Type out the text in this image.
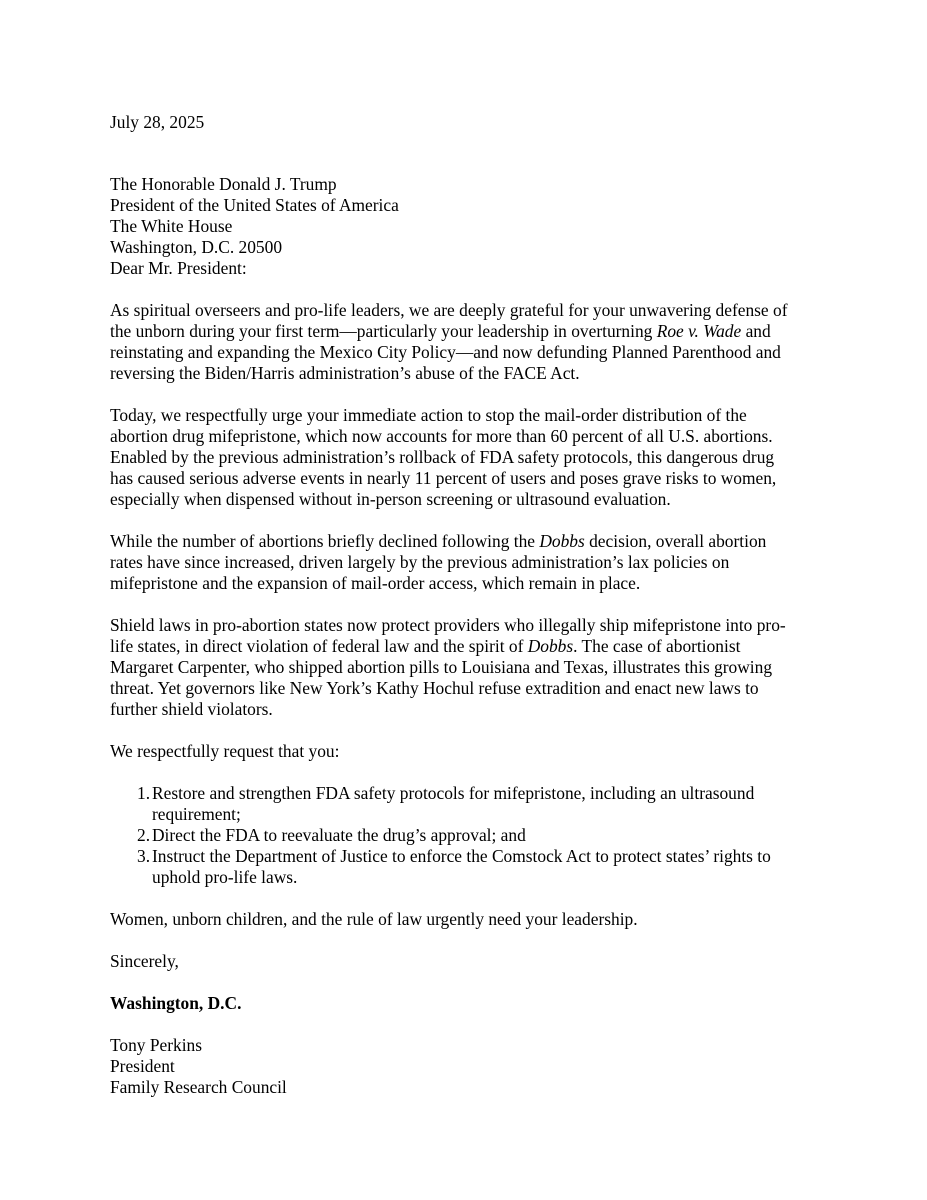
July 28, 2025

The Honorable Donald J. Trump
President of the United States of America
The White House
Washington, D.C. 20500

Dear Mr. President:

As spiritual overseers and pro-life leaders, we are deeply grateful for your unwavering defense of
the unborn during your first term—particularly your leadership in overturning Roe v. Wade and
reinstating and expanding the Mexico City Policy—and now defunding Planned Parenthood and
reversing the Biden/Harris administration’s abuse of the FACE Act.

Today, we respectfully urge your immediate action to stop the mail-order distribution of the
abortion drug mifepristone, which now accounts for more than 60 percent of all U.S. abortions.
Enabled by the previous administration’s rollback of FDA safety protocols, this dangerous drug
has caused serious adverse events in nearly 11 percent of users and poses grave risks to women,
especially when dispensed without in-person screening or ultrasound evaluation.

While the number of abortions briefly declined following the Dobbs decision, overall abortion
rates have since increased, driven largely by the previous administration’s lax policies on
mifepristone and the expansion of mail-order access, which remain in place.

Shield laws in pro-abortion states now protect providers who illegally ship mifepristone into pro-
life states, in direct violation of federal law and the spirit of Dobbs. The case of abortionist
Margaret Carpenter, who shipped abortion pills to Louisiana and Texas, illustrates this growing
threat. Yet governors like New York’s Kathy Hochul refuse extradition and enact new laws to
further shield violators.

We respectfully request that you:

1. Restore and strengthen FDA safety protocols for mifepristone, including an ultrasound
requirement;
2. Direct the FDA to reevaluate the drug’s approval; and
3. Instruct the Department of Justice to enforce the Comstock Act to protect states’ rights to
uphold pro-life laws.

Women, unborn children, and the rule of law urgently need your leadership.

Sincerely,

Washington, D.C.

Tony Perkins
President
Family Research Council
